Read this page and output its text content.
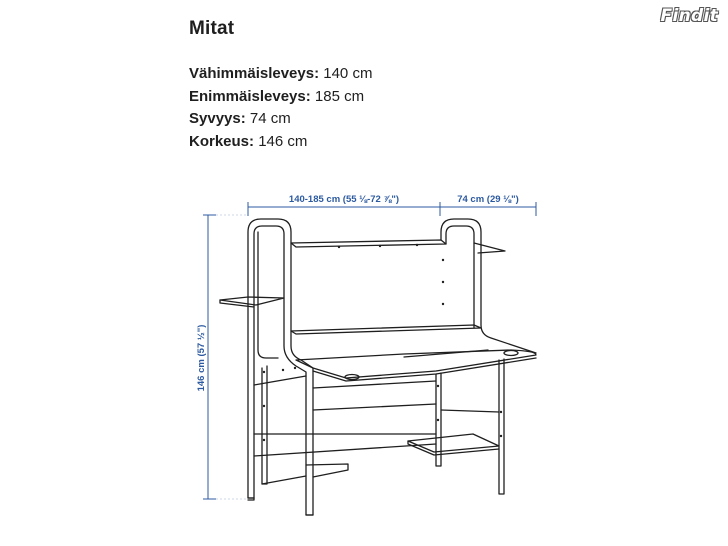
Mitat
Findit
Vähimmäisleveys: 140 cm
Enimmäisleveys: 185 cm
Syvyys: 74 cm
Korkeus: 146 cm
140-185 cm (55 ⅛-72 ⅞")	74 cm (29 ⅛")
146 cm (57 ½")
